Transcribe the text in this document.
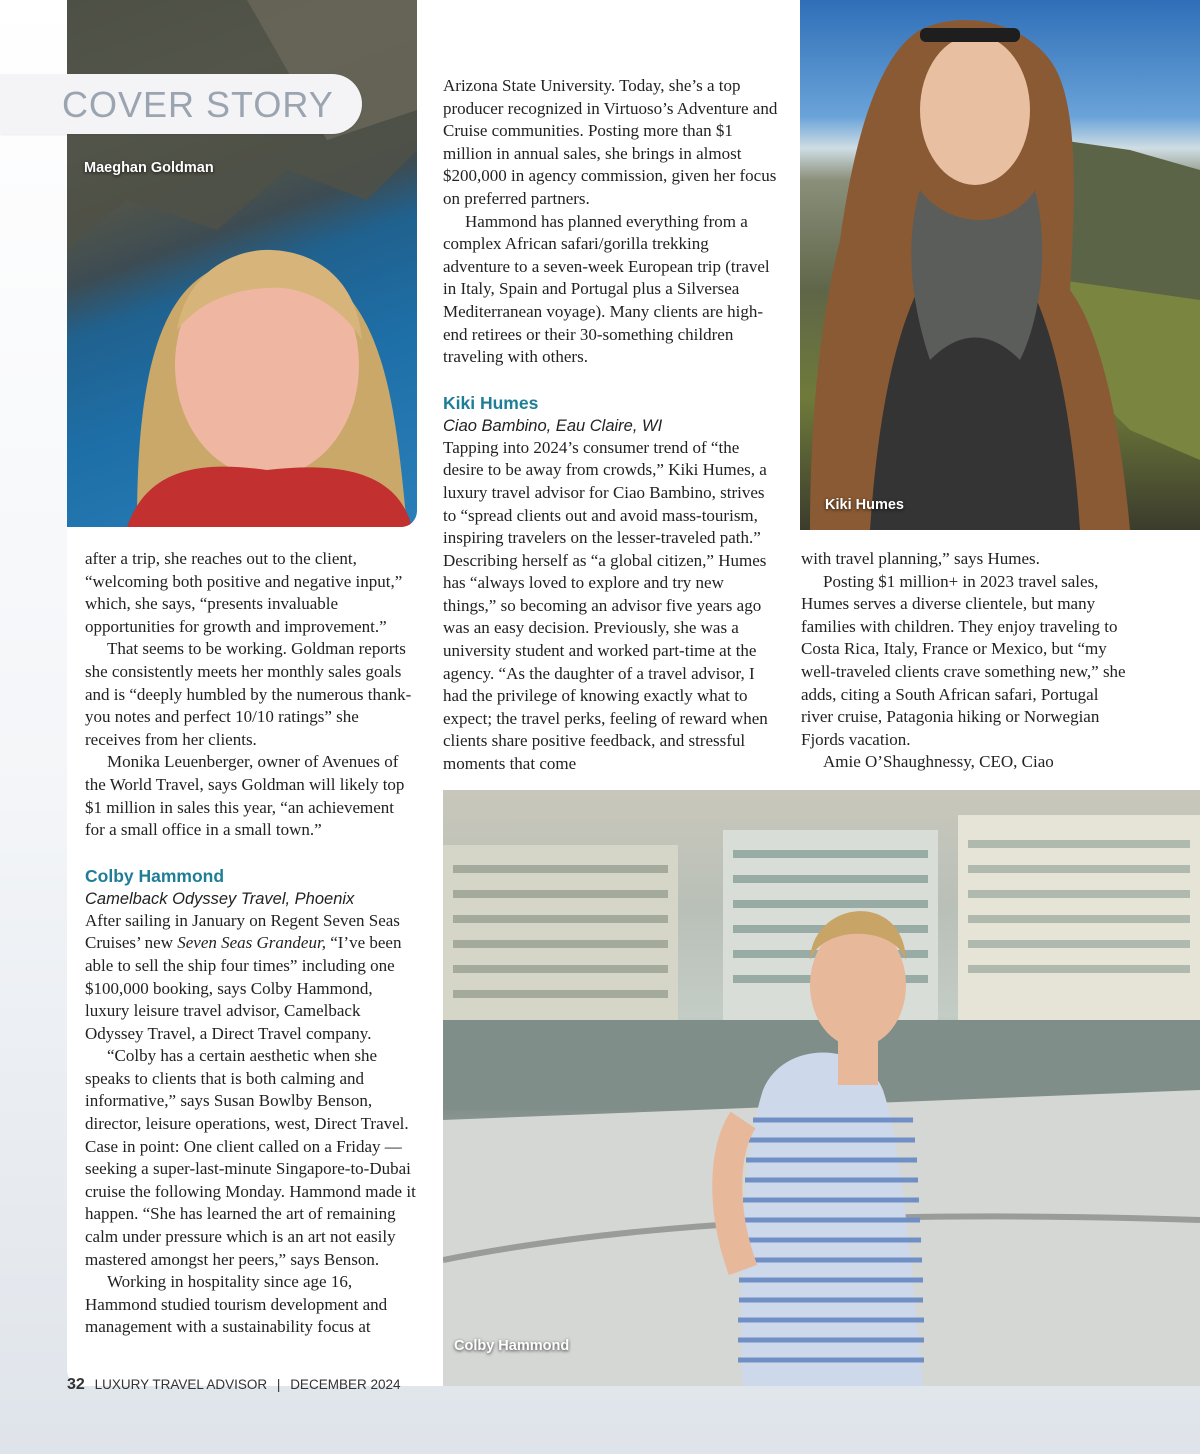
Maeghan Goldman
COVER STORY
Kiki Humes
Colby Hammond

after a trip, she reaches out to the client, “welcoming both positive and negative input,” which, she says, “presents invaluable opportunities for growth and improvement.”

That seems to be working. Goldman reports she consistently meets her monthly sales goals and is “deeply humbled by the numerous thank-you notes and perfect 10/10 ratings” she receives from her clients.

Monika Leuenberger, owner of Avenues of the World Travel, says Goldman will likely top $1 million in sales this year, “an achievement for a small office in a small town.”

Colby Hammond
Camelback Odyssey Travel, Phoenix

After sailing in January on Regent Seven Seas Cruises’ new Seven Seas Grandeur, “I’ve been able to sell the ship four times” including one $100,000 booking, says Colby Hammond, luxury leisure travel advisor, Camelback Odyssey Travel, a Direct Travel company.

“Colby has a certain aesthetic when she speaks to clients that is both calming and informative,” says Susan Bowlby Benson, director, leisure operations, west, Direct Travel. Case in point: One client called on a Friday — seeking a super-last-minute Singapore-to-Dubai cruise the following Monday. Hammond made it happen. “She has learned the art of remaining calm under pressure which is an art not easily mastered amongst her peers,” says Benson.

Working in hospitality since age 16, Hammond studied tourism development and management with a sustainability focus at

Arizona State University. Today, she’s a top producer recognized in Virtuoso’s Adventure and Cruise communities. Posting more than $1 million in annual sales, she brings in almost $200,000 in agency commission, given her focus on preferred partners.

Hammond has planned everything from a complex African safari/gorilla trekking adventure to a seven-week European trip (travel in Italy, Spain and Portugal plus a Silversea Mediterranean voyage). Many clients are high-end retirees or their 30-something children traveling with others.

Kiki Humes
Ciao Bambino, Eau Claire, WI

Tapping into 2024’s consumer trend of “the desire to be away from crowds,” Kiki Humes, a luxury travel advisor for Ciao Bambino, strives to “spread clients out and avoid mass-tourism, inspiring travelers on the lesser-traveled path.” Describing herself as “a global citizen,” Humes has “always loved to explore and try new things,” so becoming an advisor five years ago was an easy decision. Previously, she was a university student and worked part-time at the agency. “As the daughter of a travel advisor, I had the privilege of knowing exactly what to expect; the travel perks, feeling of reward when clients share positive feedback, and stressful moments that come

with travel planning,” says Humes.

Posting $1 million+ in 2023 travel sales, Humes serves a diverse clientele, but many families with children. They enjoy traveling to Costa Rica, Italy, France or Mexico, but “my well-traveled clients crave something new,” she adds, citing a South African safari, Portugal river cruise, Patagonia hiking or Norwegian Fjords vacation.

Amie O’Shaughnessy, CEO, Ciao

32 LUXURY TRAVEL ADVISOR | DECEMBER 2024
